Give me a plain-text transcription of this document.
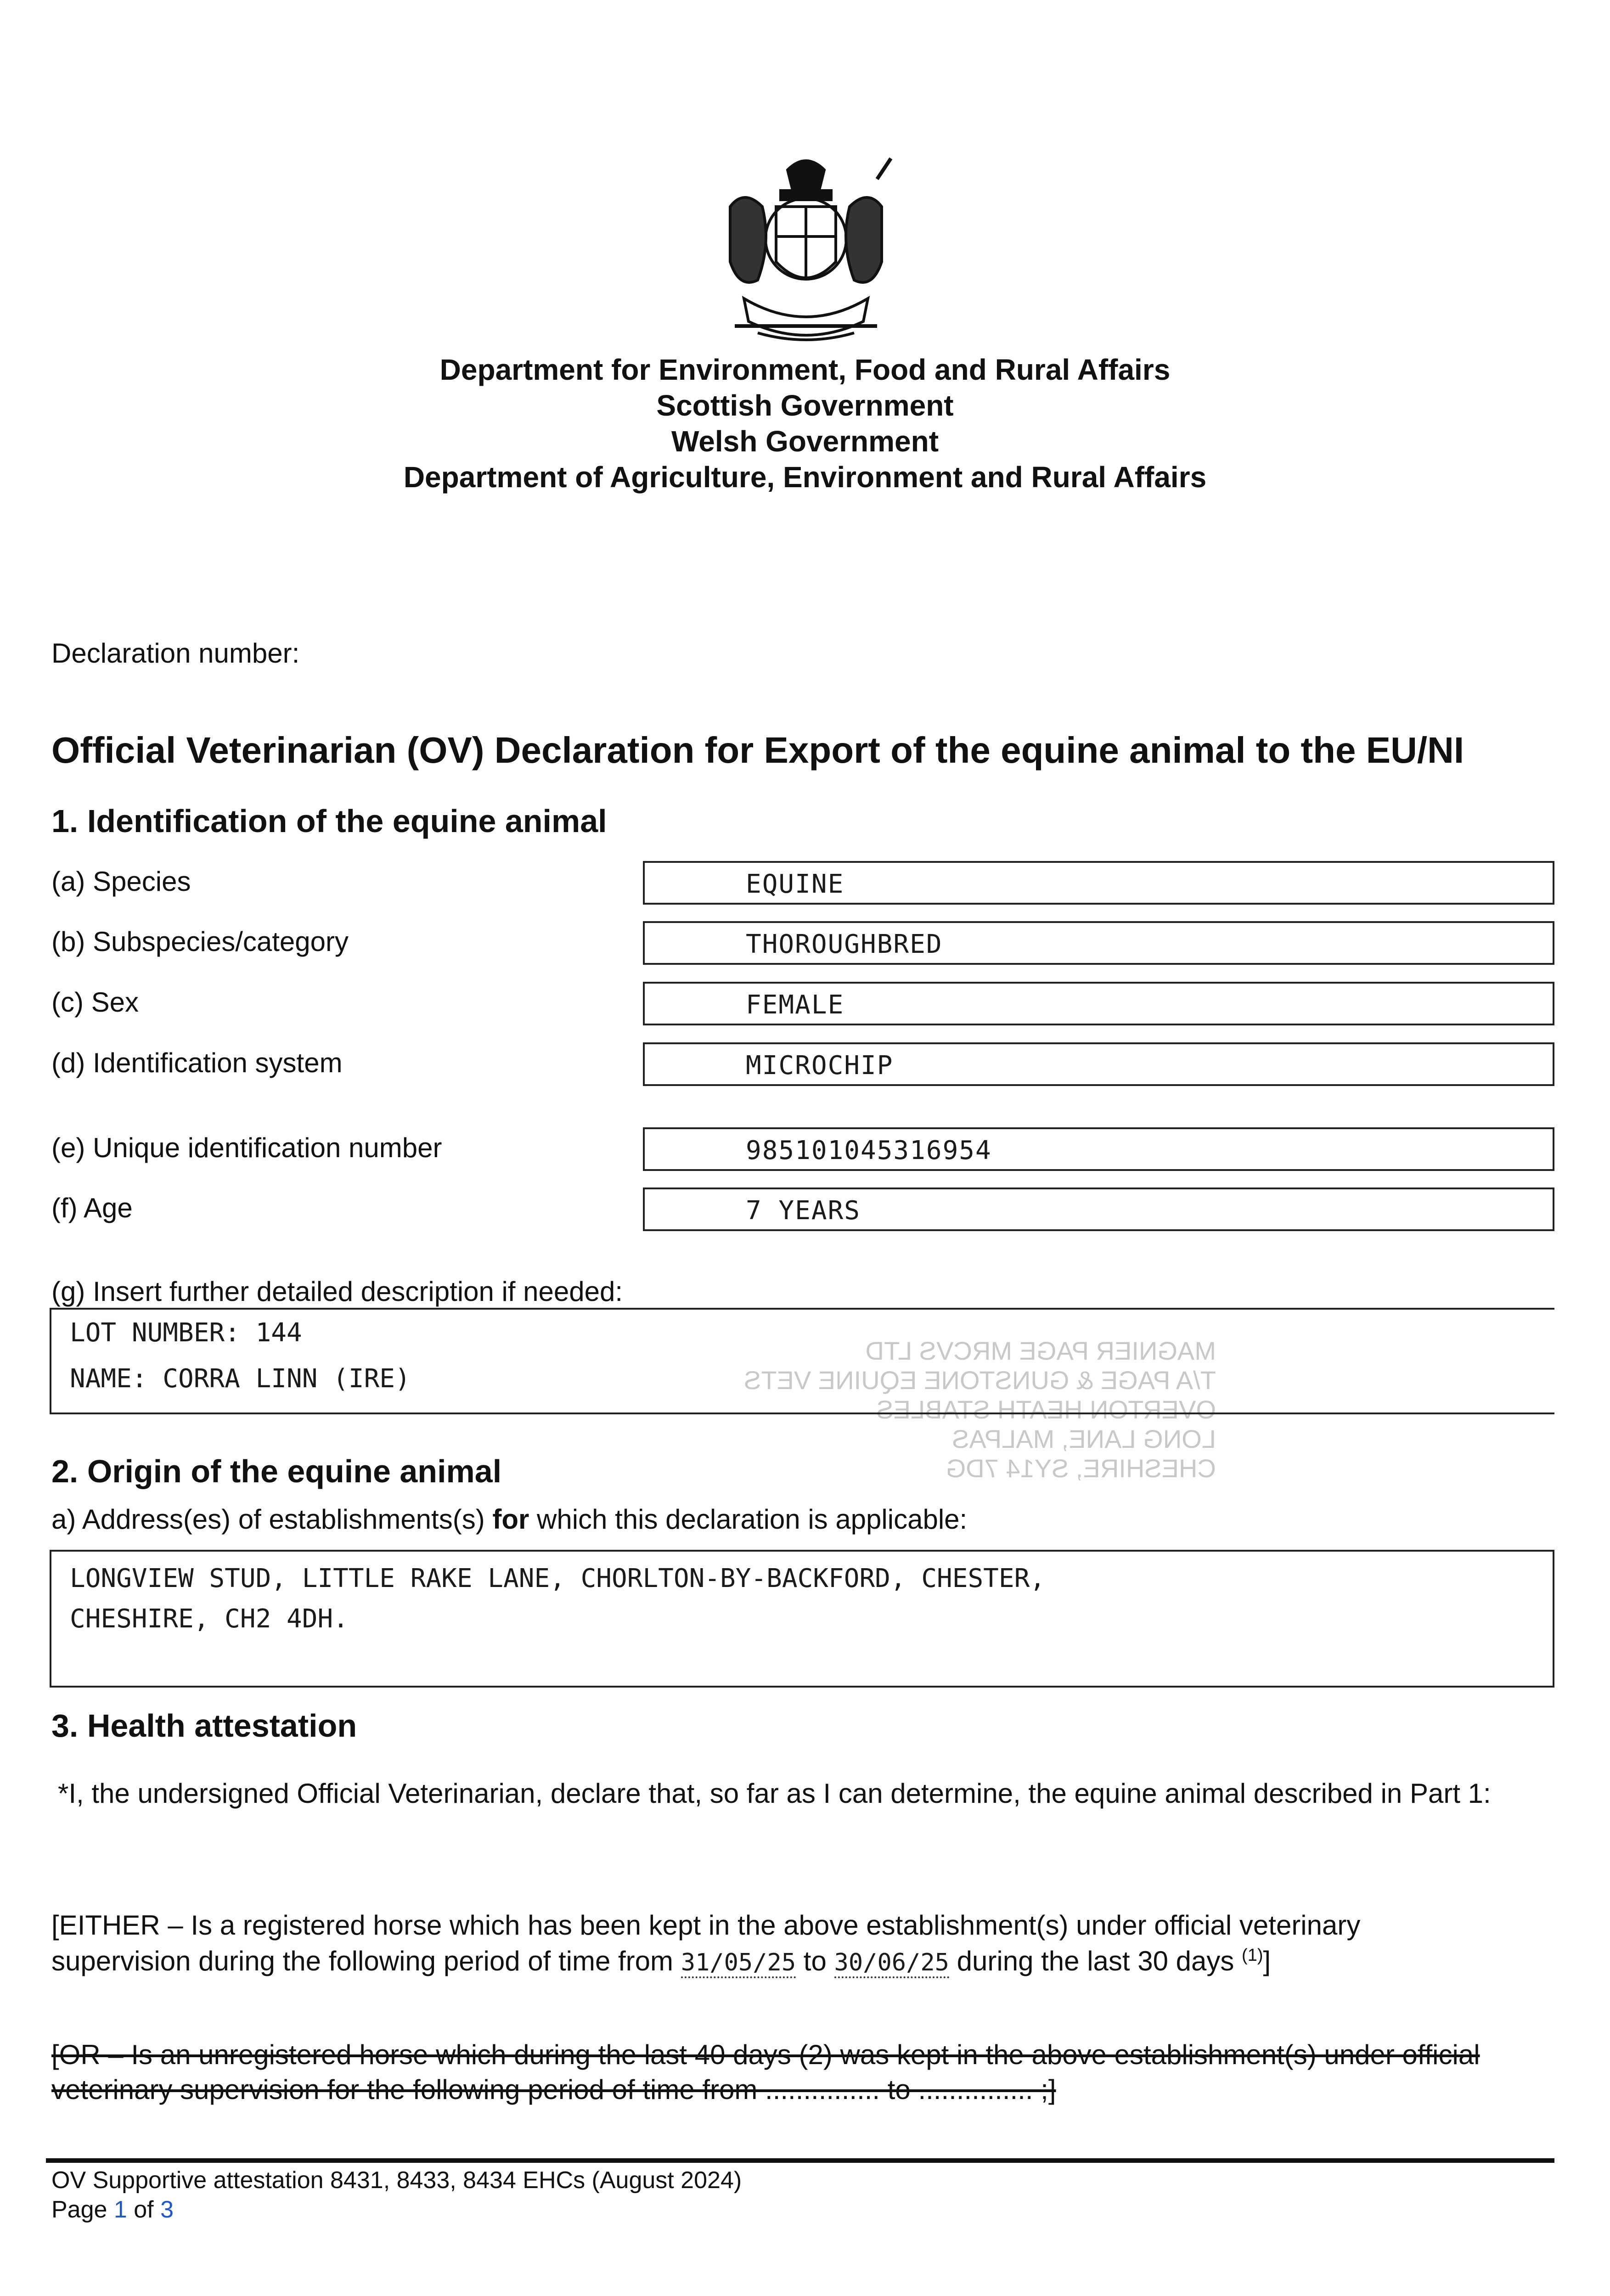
MAGNIER PAGE MRCVS LTD
T/A PAGE & GUNSTONE EQUINE VETS
OVERTON HEATH STABLES
LONG LANE, MALPAS
CHESHIRE, SY14 7DG
Department for Environment, Food and Rural Affairs
Scottish Government
Welsh Government
Department of Agriculture, Environment and Rural Affairs
Declaration number:
Official Veterinarian (OV) Declaration for Export of the equine animal to the EU/NI
1. Identification of the equine animal
(a) Species	EQUINE
(b) Subspecies/category	THOROUGHBRED
(c) Sex	FEMALE
(d) Identification system	MICROCHIP
(e) Unique identification number	985101045316954
(f) Age	7 YEARS
(g) Insert further detailed description if needed:
LOT NUMBER: 144
NAME: CORRA LINN (IRE)
2. Origin of the equine animal
a) Address(es) of establishments(s) for which this declaration is applicable:
LONGVIEW STUD, LITTLE RAKE LANE, CHORLTON-BY-BACKFORD, CHESTER,
CHESHIRE, CH2 4DH.
3. Health attestation
*I, the undersigned Official Veterinarian, declare that, so far as I can determine, the equine animal described in Part 1:
[EITHER – Is a registered horse which has been kept in the above establishment(s) under official veterinary
supervision during the following period of time from 31/05/25 to 30/06/25 during the last 30 days $^{(1)}$]
[OR – Is an unregistered horse which during the last 40 days (2) was kept in the above establishment(s) under official
veterinary supervision for the following period of time from ............... to ............... ;]
OV Supportive attestation 8431, 8433, 8434 EHCs (August 2024)
Page 1 of 3
